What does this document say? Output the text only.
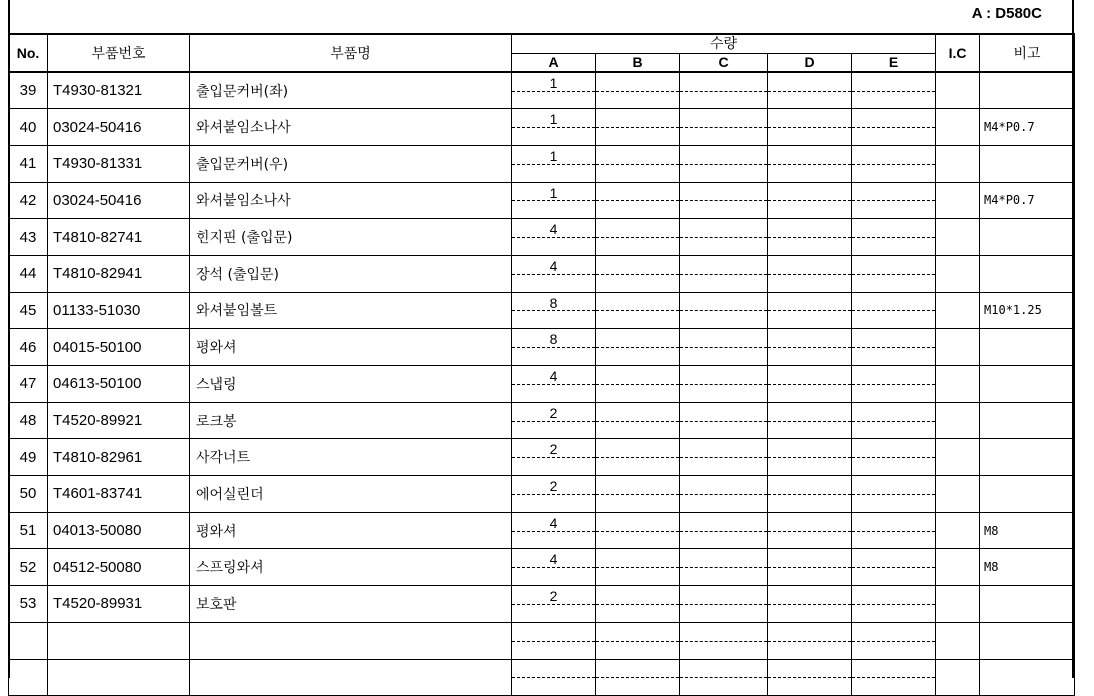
A : D580C
No.	부품번호	부품명	수량					I.C	비고
			A	B	C	D	E		
39	T4930-81321	출입문커버(좌)	1						

40	03024-50416	와셔붙임소나사	1						M4*P0.7
41	T4930-81331	출입문커버(우)	1						

42	03024-50416	와셔붙임소나사	1						M4*P0.7
43	T4810-82741	힌지핀 (출입문)	4						

44	T4810-82941	장석 (출입문)	4						

45	01133-51030	와셔붙임볼트	8						M10*1.25
46	04015-50100	평와셔	8						

47	04613-50100	스냅링	4						

48	T4520-89921	로크봉	2						

49	T4810-82961	사각너트	2						

50	T4601-83741	에어실린더	2						

51	04013-50080	평와셔	4						M8
52	04512-50080	스프링와셔	4						M8
53	T4520-89931	보호판	2						
